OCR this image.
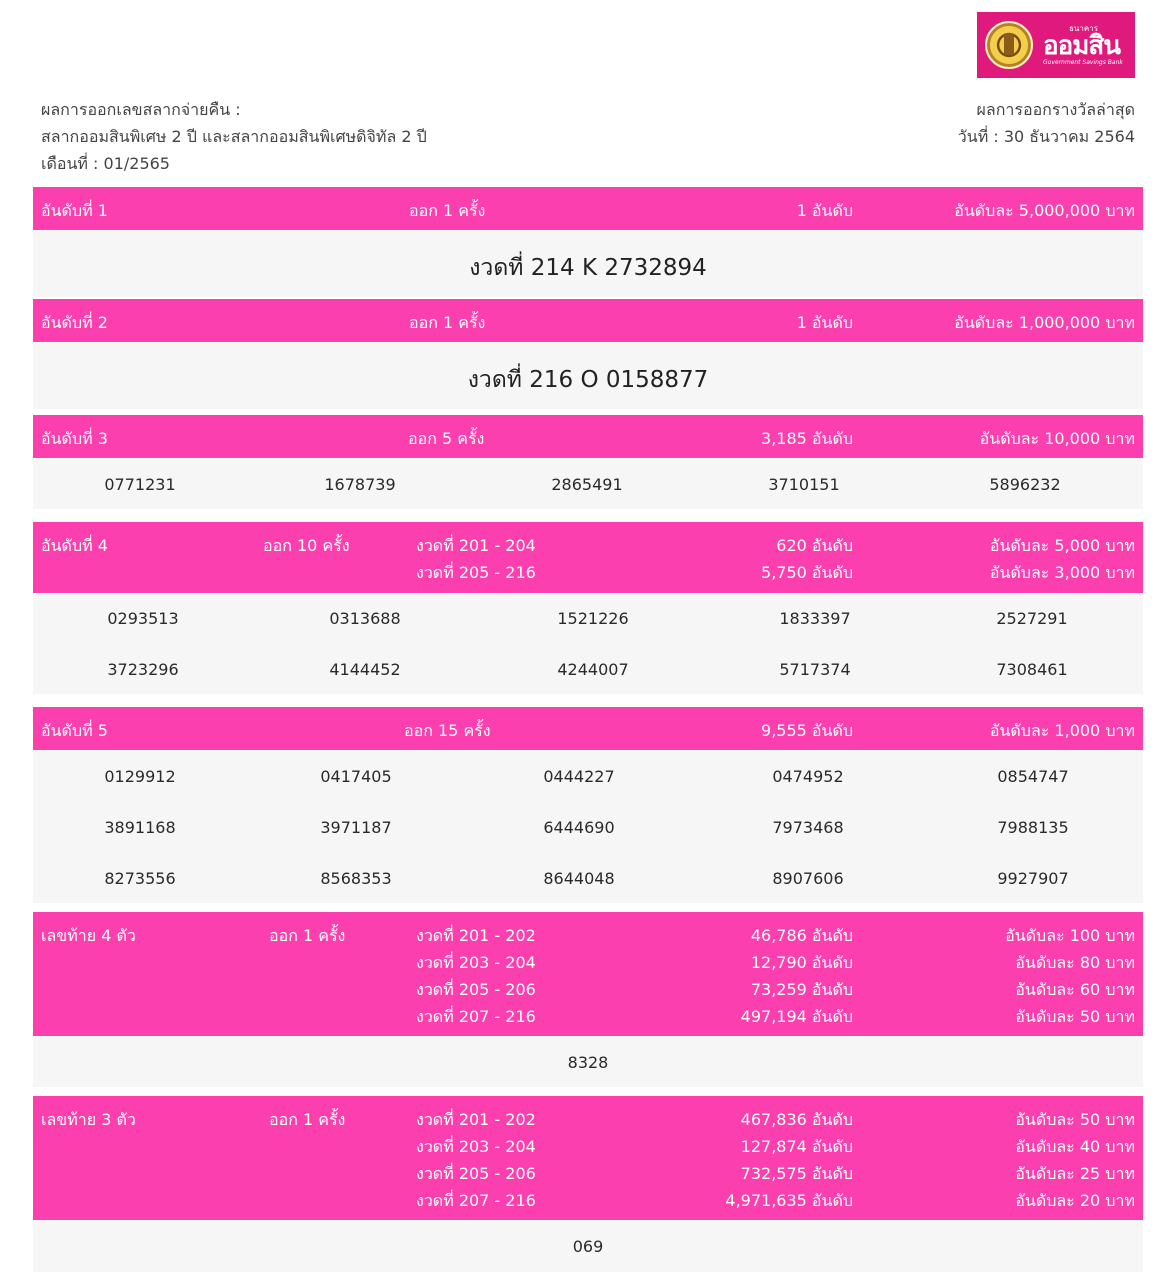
ธนาคาร
ออมสิน
Government Savings Bank
ผลการออกเลขสลากจ่ายคืน :
สลากออมสินพิเศษ 2 ปี และสลากออมสินพิเศษดิจิทัล 2 ปี
เดือนที่ : 01/2565
ผลการออกรางวัลล่าสุด
วันที่ : 30 ธันวาคม 2564
อันดับที่ 1	ออก 1 ครั้ง	1 อันดับ	อันดับละ 5,000,000 บาท
งวดที่ 214 K 2732894
อันดับที่ 2	ออก 1 ครั้ง	1 อันดับ	อันดับละ 1,000,000 บาท
งวดที่ 216 O 0158877
อันดับที่ 3	ออก 5 ครั้ง	3,185 อันดับ	อันดับละ 10,000 บาท
0771231	1678739	2865491	3710151	5896232
อันดับที่ 4	ออก 10 ครั้ง	งวดที่ 201 - 204	620 อันดับ	อันดับละ 5,000 บาท
งวดที่ 205 - 216	5,750 อันดับ	อันดับละ 3,000 บาท
0293513	0313688	1521226	1833397	2527291
3723296	4144452	4244007	5717374	7308461
อันดับที่ 5	ออก 15 ครั้ง	9,555 อันดับ	อันดับละ 1,000 บาท
0129912	0417405	0444227	0474952	0854747
3891168	3971187	6444690	7973468	7988135
8273556	8568353	8644048	8907606	9927907
เลขท้าย 4 ตัว	ออก 1 ครั้ง	งวดที่ 201 - 202	46,786 อันดับ	อันดับละ 100 บาท
งวดที่ 203 - 204	12,790 อันดับ	อันดับละ 80 บาท
งวดที่ 205 - 206	73,259 อันดับ	อันดับละ 60 บาท
งวดที่ 207 - 216	497,194 อันดับ	อันดับละ 50 บาท
8328
เลขท้าย 3 ตัว	ออก 1 ครั้ง	งวดที่ 201 - 202	467,836 อันดับ	อันดับละ 50 บาท
งวดที่ 203 - 204	127,874 อันดับ	อันดับละ 40 บาท
งวดที่ 205 - 206	732,575 อันดับ	อันดับละ 25 บาท
งวดที่ 207 - 216	4,971,635 อันดับ	อันดับละ 20 บาท
069
